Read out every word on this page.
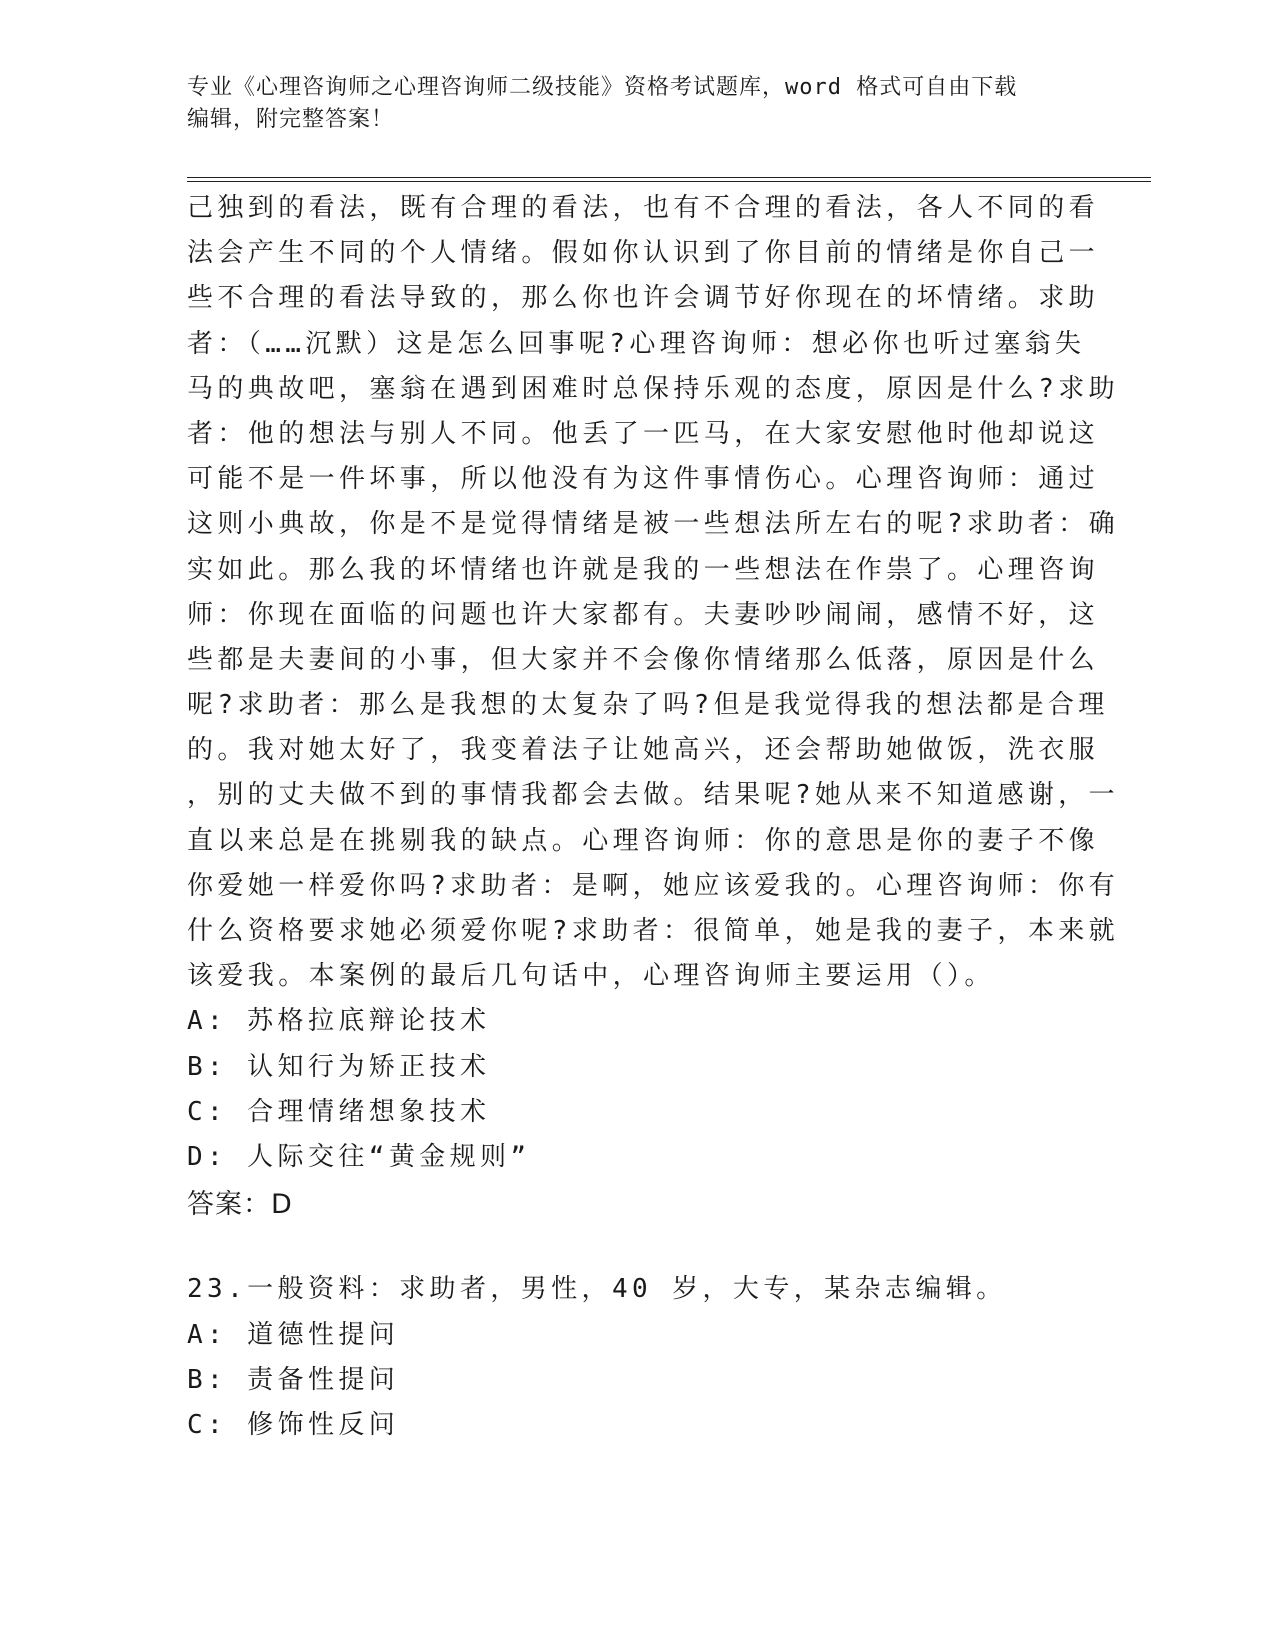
专业《心理咨询师之心理咨询师二级技能》资格考试题库，word 格式可自由下载
编辑，附完整答案！
己独到的看法，既有合理的看法，也有不合理的看法，各人不同的看
法会产生不同的个人情绪。假如你认识到了你目前的情绪是你自己一
些不合理的看法导致的，那么你也许会调节好你现在的坏情绪。求助
者：（……沉默）这是怎么回事呢?心理咨询师：想必你也听过塞翁失
马的典故吧，塞翁在遇到困难时总保持乐观的态度，原因是什么?求助
者：他的想法与别人不同。他丢了一匹马，在大家安慰他时他却说这
可能不是一件坏事，所以他没有为这件事情伤心。心理咨询师：通过
这则小典故，你是不是觉得情绪是被一些想法所左右的呢?求助者：确
实如此。那么我的坏情绪也许就是我的一些想法在作祟了。心理咨询
师：你现在面临的问题也许大家都有。夫妻吵吵闹闹，感情不好，这
些都是夫妻间的小事，但大家并不会像你情绪那么低落，原因是什么
呢?求助者：那么是我想的太复杂了吗?但是我觉得我的想法都是合理
的。我对她太好了，我变着法子让她高兴，还会帮助她做饭，洗衣服
，别的丈夫做不到的事情我都会去做。结果呢?她从来不知道感谢，一
直以来总是在挑剔我的缺点。心理咨询师：你的意思是你的妻子不像
你爱她一样爱你吗?求助者：是啊，她应该爱我的。心理咨询师：你有
什么资格要求她必须爱你呢?求助者：很简单，她是我的妻子，本来就
该爱我。本案例的最后几句话中，心理咨询师主要运用（）。
A: 苏格拉底辩论技术
B: 认知行为矫正技术
C: 合理情绪想象技术
D: 人际交往“黄金规则”
答案：D
23.一般资料：求助者，男性，40 岁，大专，某杂志编辑。
A: 道德性提问
B: 责备性提问
C: 修饰性反问
